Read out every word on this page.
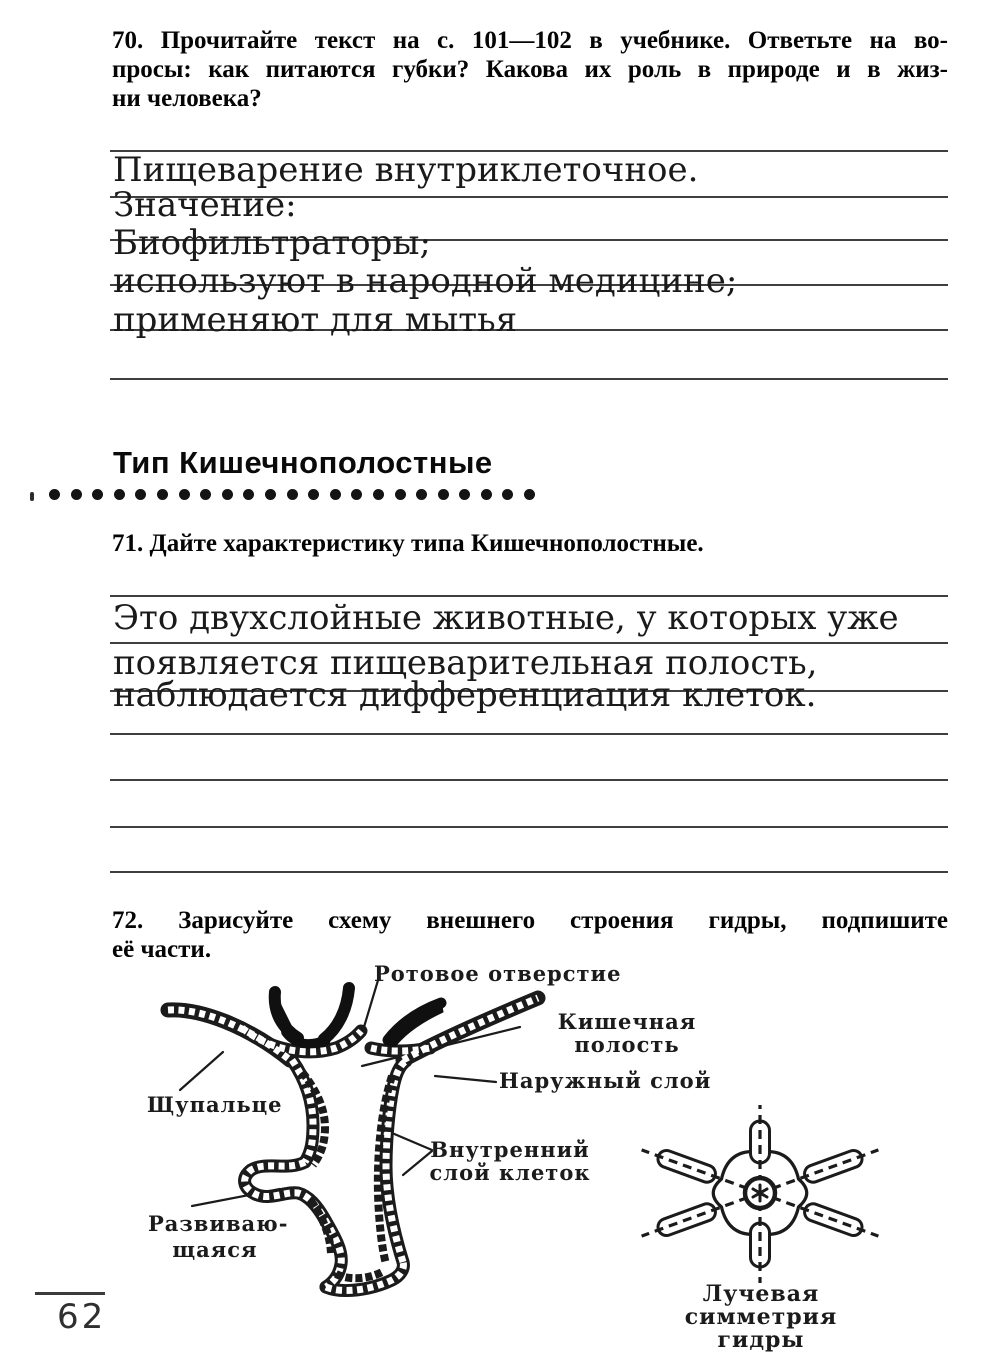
70. Прочитайте текст на с. 101—102 в учебнике. Ответьте на во-
просы: как питаются губки? Какова их роль в природе и в жиз-
ни человека?
Пищеварение внутриклеточное.
Значение:
Биофильтраторы;
используют в народной медицине;
применяют для мытья
Тип Кишечнополостные
71. Дайте характеристику типа Кишечнополостные.
Это двухслойные животные, у которых уже
появляется пищеварительная полость,
наблюдается дифференциация клеток.
72. Зарисуйте схему внешнего строения гидры, подпишите
её части.
Ротовое отверстие
Кишечная
полость
Наружный слой
Щупальце
Внутренний
слой клеток
Развиваю-
щаяся
Лучевая симметрия
гидры
62
